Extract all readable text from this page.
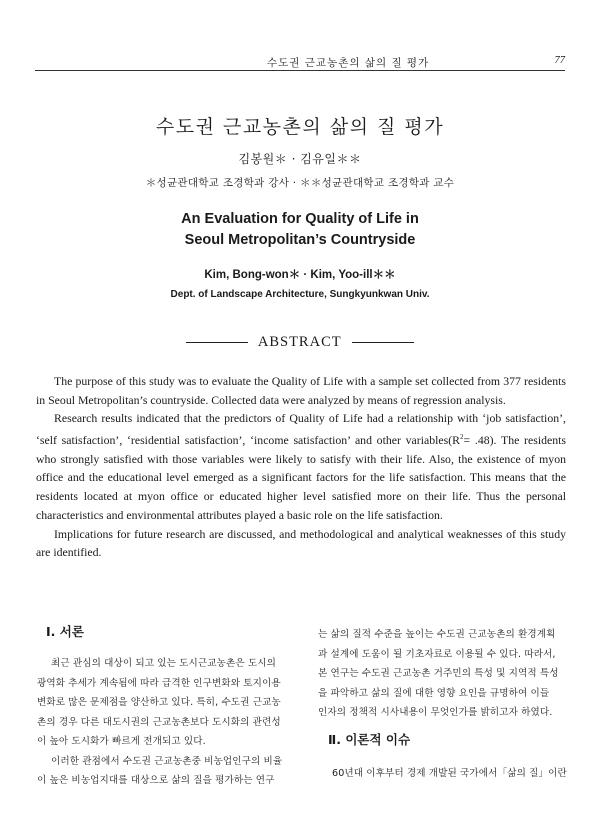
수도권 근교농촌의 삶의 질 평가	77
수도권 근교농촌의 삶의 질 평가
김봉원＊ · 김유일＊＊
＊성균관대학교 조경학과 강사 · ＊＊성균관대학교 조경학과 교수
An Evaluation for Quality of Life in
Seoul Metropolitan’s Countryside
Kim, Bong-won＊ · Kim, Yoo-ill＊＊
Dept. of Landscape Architecture, Sungkyunkwan Univ.
ABSTRACT

The purpose of this study was to evaluate the Quality of Life with a sample set collected from 377 residents in Seoul Metropolitan’s countryside. Collected data were analyzed by means of regression analysis.

Research results indicated that the predictors of Quality of Life had a relationship with ‘job satisfaction’, ‘self satisfaction’, ‘residential satisfaction’, ‘income satisfaction’ and other $variables(R^2= .48)$. The residents who strongly satisfied with those variables were likely to satisfy with their life. Also, the existence of myon office and the educational level emerged as a significant factors for the life satisfaction. This means that the residents located at myon office or educated higher level satisfied more on their life. Thus the personal characteristics and environmental attributes played a basic role on the life satisfaction.

Implications for future research are discussed, and methodological and analytical weaknesses of this study are identified.

Ⅰ. 서론
최근 관심의 대상이 되고 있는 도시근교농촌은 도시의
광역화 추세가 계속됨에 따라 급격한 인구변화와 토지이용
변화로 많은 문제점을 양산하고 있다. 특히, 수도권 근교농
촌의 경우 다른 대도시권의 근교농촌보다 도시화의 관련성
이 높아 도시화가 빠르게 전개되고 있다.
이러한 관점에서 수도권 근교농촌중 비농업인구의 비율
이 높은 비농업지대를 대상으로 삶의 질을 평가하는 연구
는 삶의 질적 수준을 높이는 수도권 근교농촌의 환경계획
과 설계에 도움이 될 기초자료로 이용될 수 있다. 따라서,
본 연구는 수도권 근교농촌 거주민의 특성 및 지역적 특성
을 파악하고 삶의 질에 대한 영향 요인을 규명하여 이들
인자의 정책적 시사내용이 무엇인가를 밝히고자 하였다.
Ⅱ. 이론적 이슈
60년대 이후부터 경제 개발된 국가에서「삶의 질」이란
